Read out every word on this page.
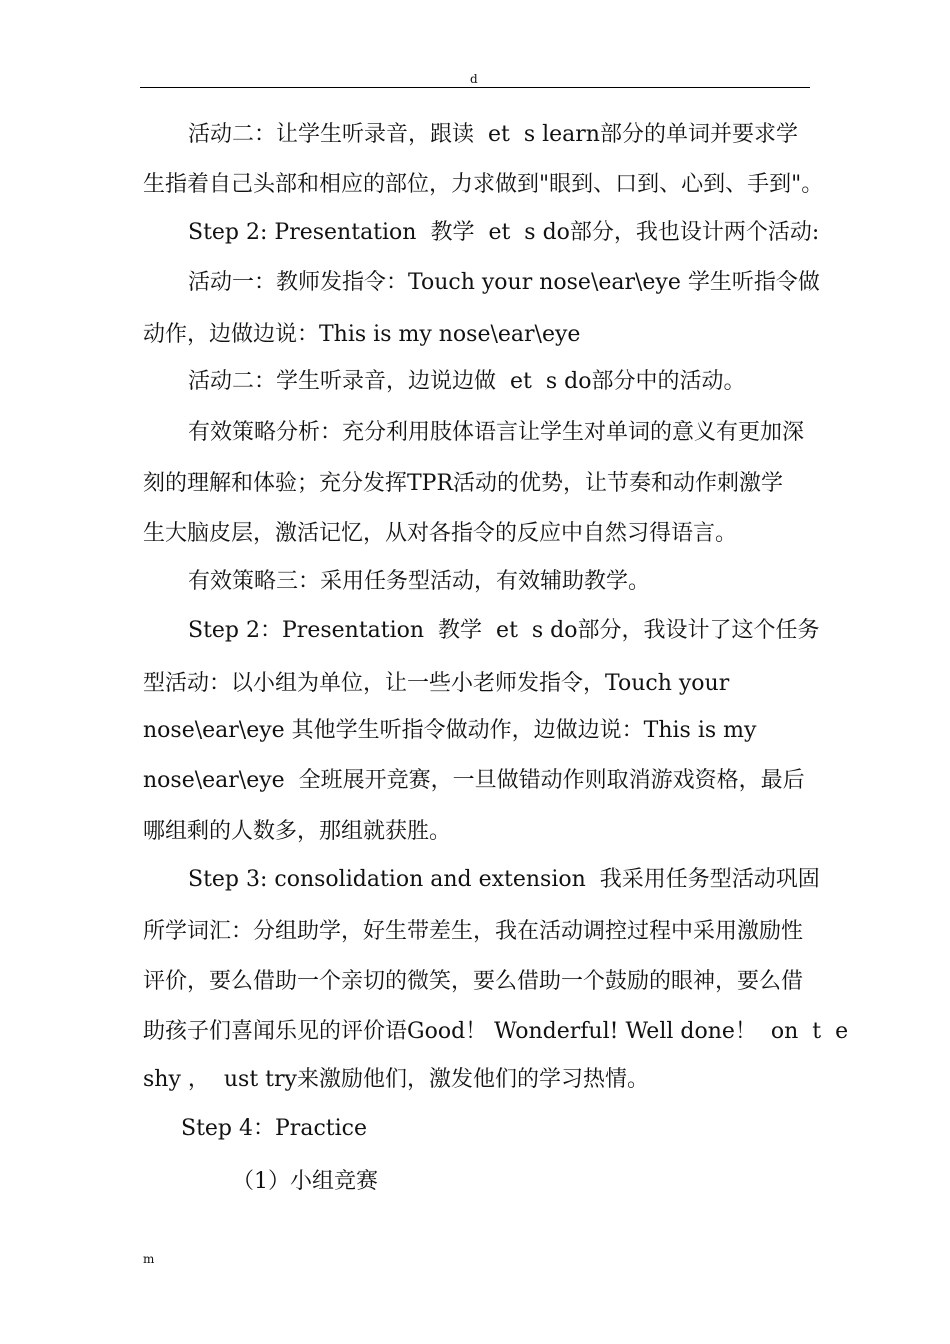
d
活动二：让学生听录音，跟读  et  s learn部分的单词并要求学
生指着自己头部和相应的部位，力求做到"眼到、口到、心到、手到"。
Step 2: Presentation  教学  et  s do部分，我也设计两个活动:
活动一：教师发指令：Touch your nose\ear\eye 学生听指令做
动作，边做边说：This is my nose\ear\eye
活动二：学生听录音，边说边做  et  s do部分中的活动。
有效策略分析：充分利用肢体语言让学生对单词的意义有更加深
刻的理解和体验；充分发挥TPR活动的优势，让节奏和动作刺激学
生大脑皮层，激活记忆，从对各指令的反应中自然习得语言。
有效策略三：采用任务型活动，有效辅助教学。
Step 2：Presentation  教学  et  s do部分，我设计了这个任务
型活动：以小组为单位，让一些小老师发指令，Touch your
nose\ear\eye 其他学生听指令做动作，边做边说：This is my
nose\ear\eye  全班展开竞赛，一旦做错动作则取消游戏资格，最后
哪组剩的人数多，那组就获胜。
Step 3: consolidation and extension  我采用任务型活动巩固
所学词汇：分组助学，好生带差生，我在活动调控过程中采用激励性
评价，要么借助一个亲切的微笑，要么借助一个鼓励的眼神，要么借
助孩子们喜闻乐见的评价语Good！ Wonderful! Well done！  on  t  e
shy ，  ust try来激励他们，激发他们的学习热情。
Step 4：Practice
（1）小组竞赛
m
